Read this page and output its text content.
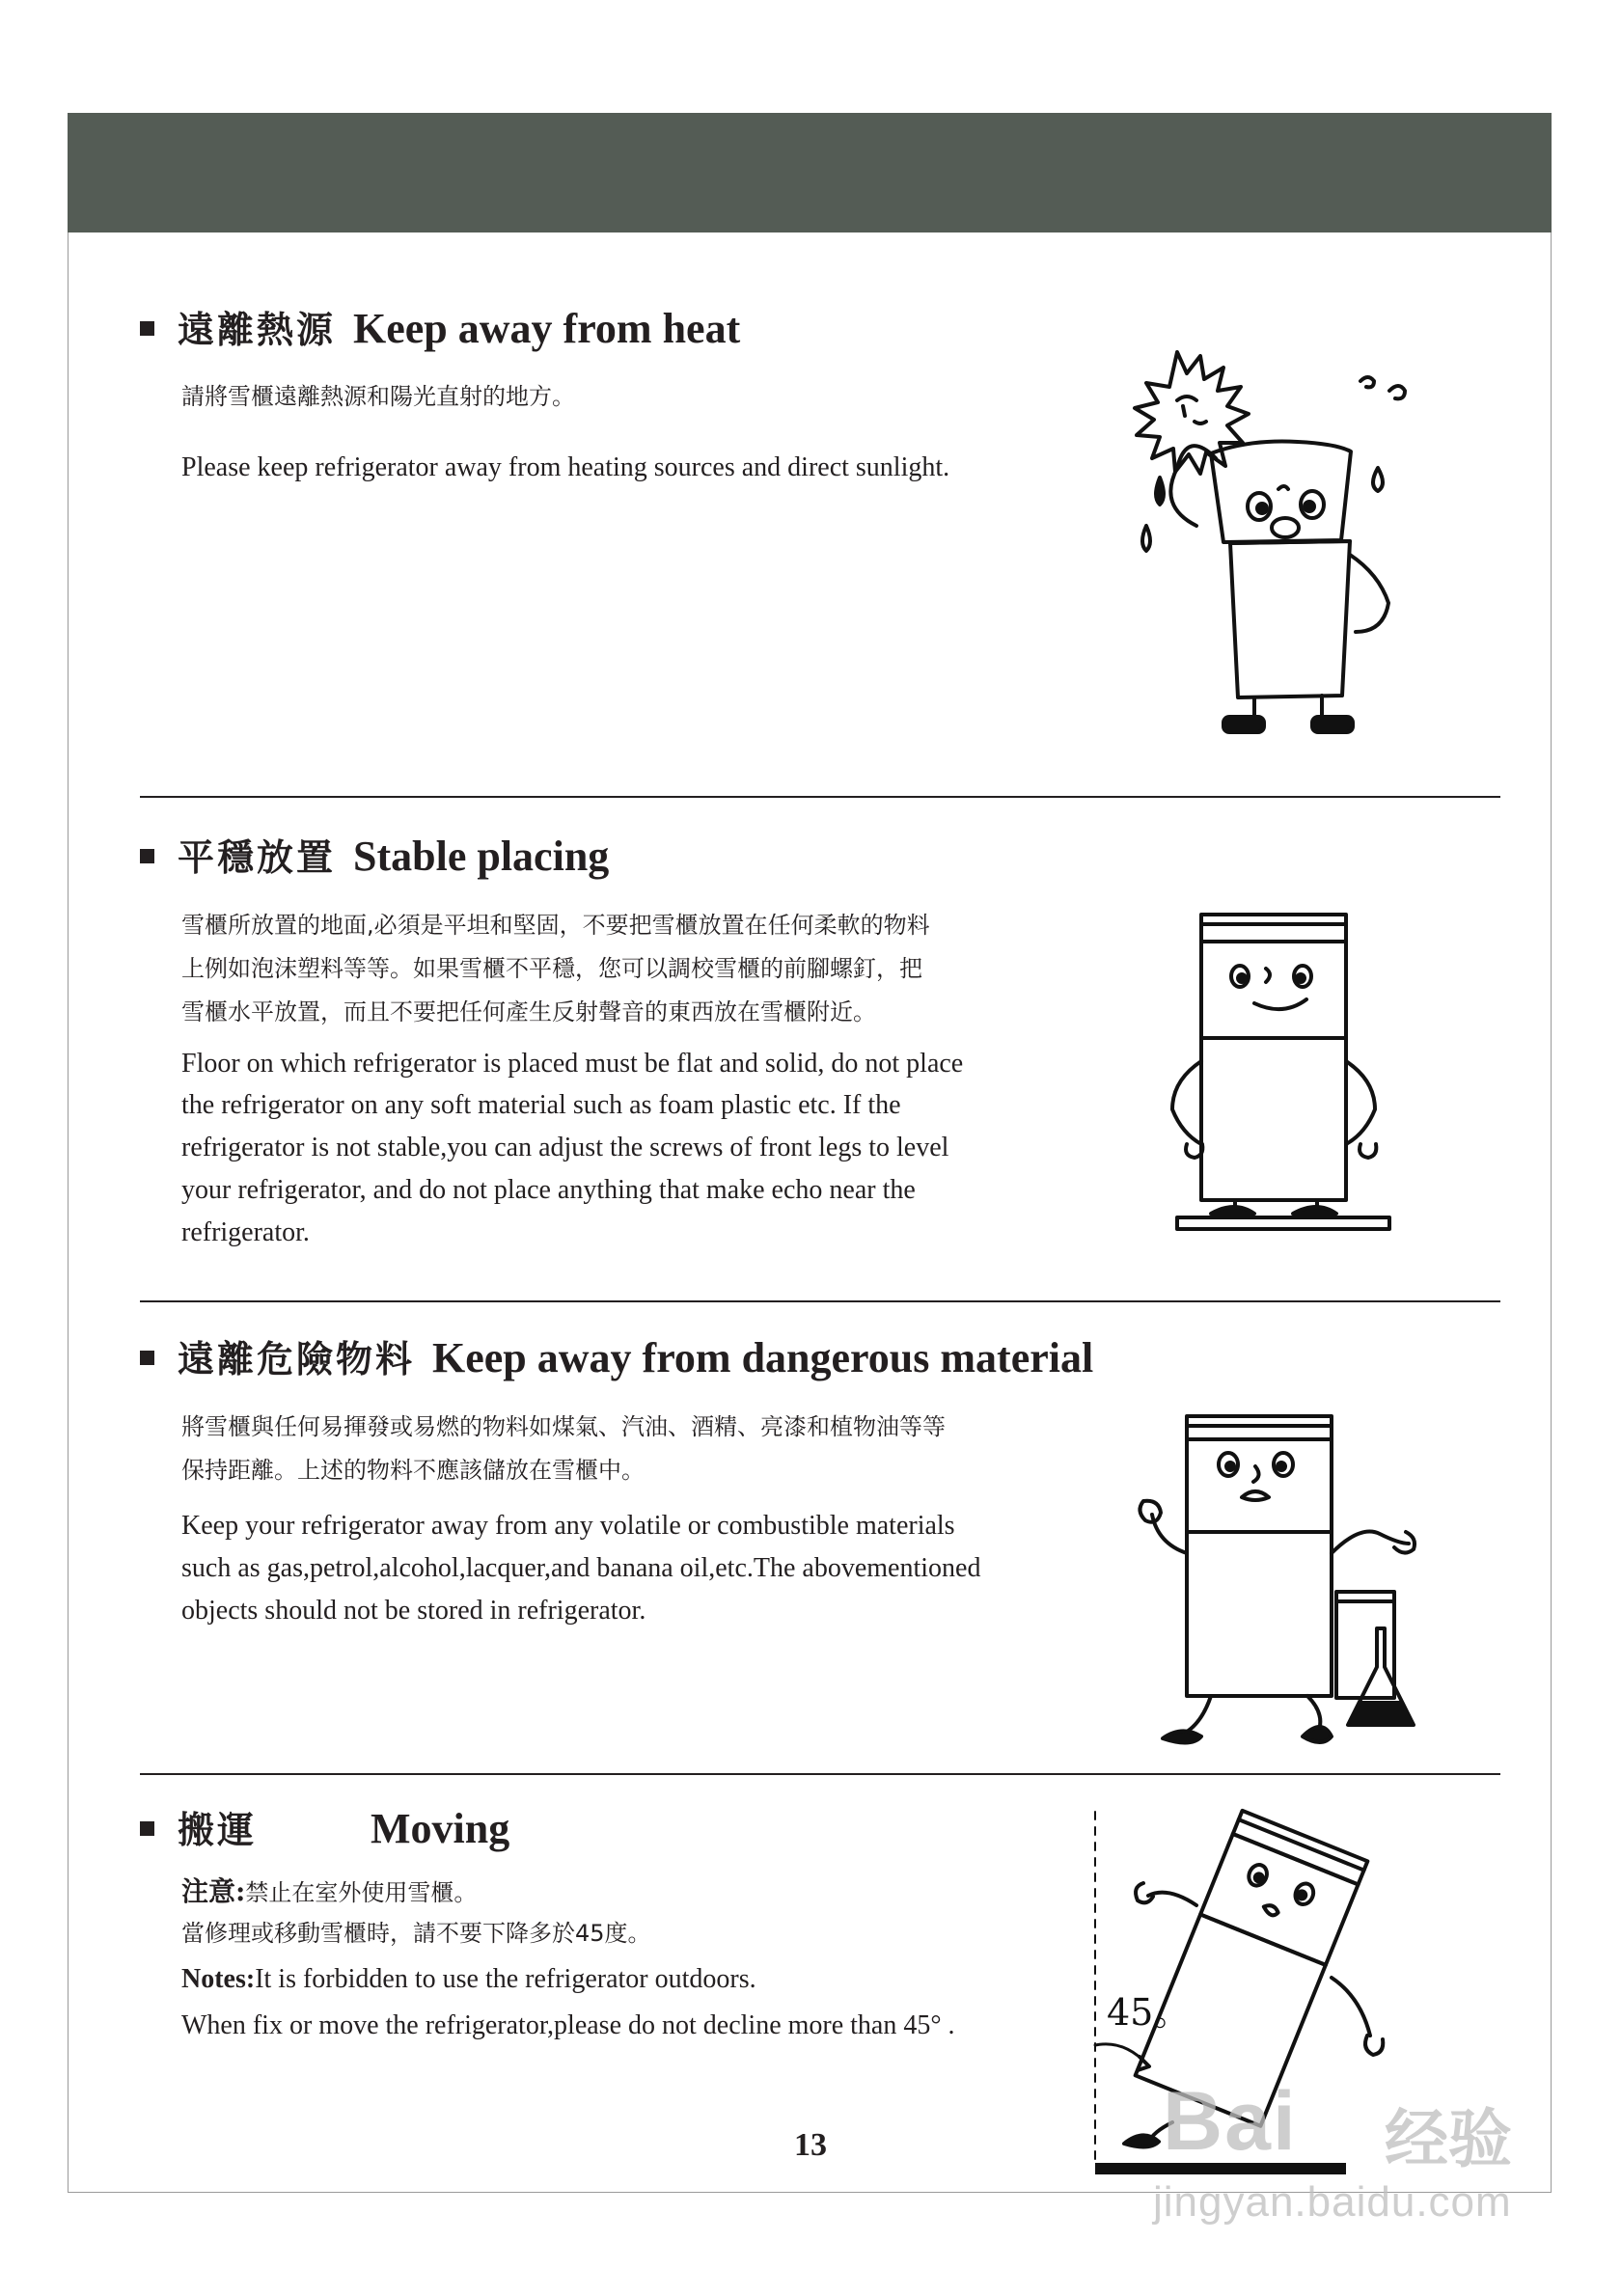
遠離熱源 Keep away from heat
請將雪櫃遠離熱源和陽光直射的地方。
Please keep refrigerator away from heating sources and direct sunlight.
平穩放置 Stable placing
雪櫃所放置的地面,必須是平坦和堅固，不要把雪櫃放置在任何柔軟的物料
上例如泡沫塑料等等。如果雪櫃不平穩，您可以調校雪櫃的前腳螺釘，把
雪櫃水平放置，而且不要把任何產生反射聲音的東西放在雪櫃附近。
Floor on which refrigerator is placed must be flat and solid, do not place
the refrigerator on any soft material such as foam plastic etc. If the
refrigerator is not stable,you can adjust the screws of front legs to level
your refrigerator, and do not place anything that make echo near the
refrigerator.
遠離危險物料 Keep away from dangerous material
將雪櫃與任何易揮發或易燃的物料如煤氣、汽油、酒精、亮漆和植物油等等
保持距離。上述的物料不應該儲放在雪櫃中。
Keep your refrigerator away from any volatile or combustible materials
such as gas,petrol,alcohol,lacquer,and banana oil,etc.The abovementioned
objects should not be stored in refrigerator.
搬運	Moving
注意:禁止在室外使用雪櫃。
當修理或移動雪櫃時，請不要下降多於45度。
Notes:It is forbidden to use the refrigerator outdoors.
When fix or move the refrigerator,please do not decline more than 45° .	45。
13	Bai 经验
jingyan.baidu.com
